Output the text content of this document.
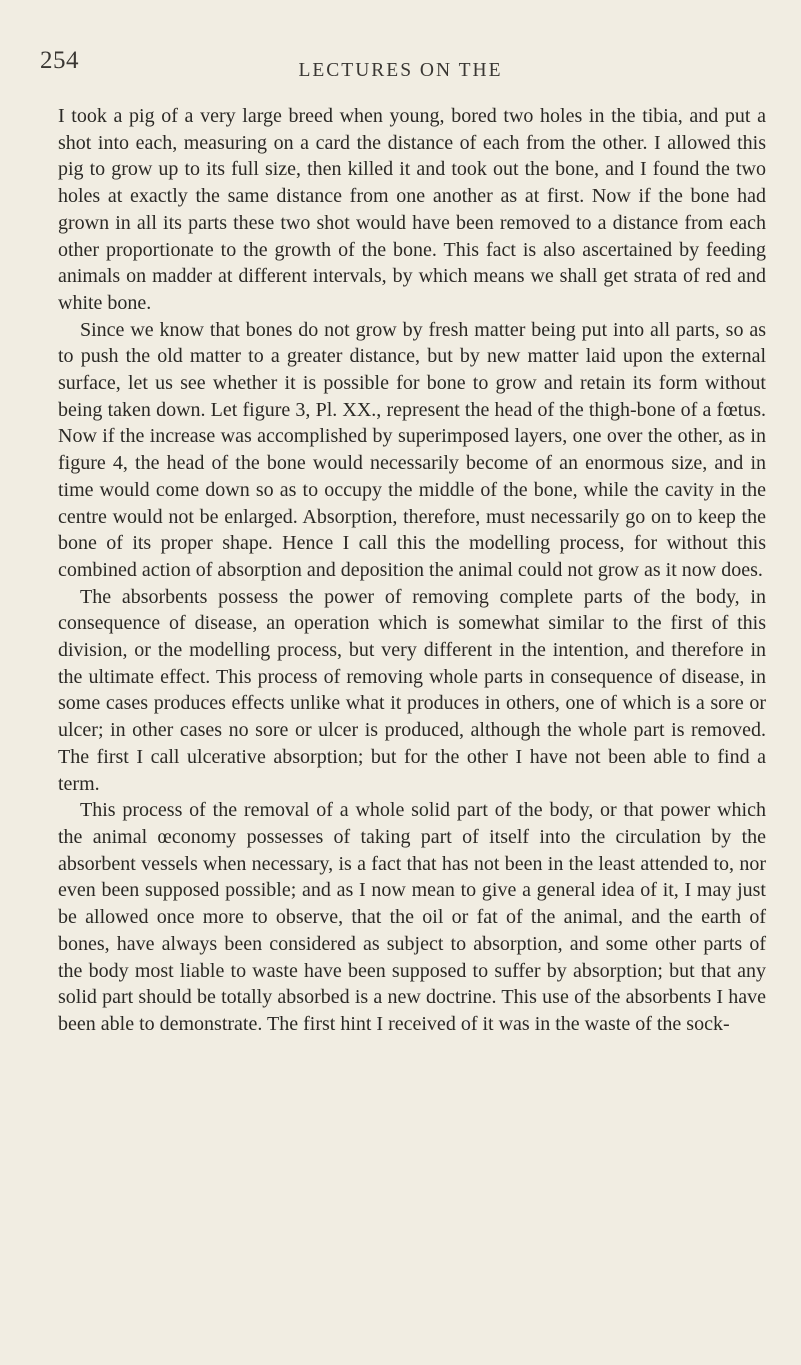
254	LECTURES ON THE

I took a pig of a very large breed when young, bored two holes in the tibia, and put a shot into each, measuring on a card the distance of each from the other. I allowed this pig to grow up to its full size, then killed it and took out the bone, and I found the two holes at exactly the same distance from one another as at first. Now if the bone had grown in all its parts these two shot would have been removed to a distance from each other proportionate to the growth of the bone. This fact is also ascertained by feeding animals on madder at different intervals, by which means we shall get strata of red and white bone.

Since we know that bones do not grow by fresh matter being put into all parts, so as to push the old matter to a greater distance, but by new matter laid upon the external surface, let us see whether it is possible for bone to grow and retain its form without being taken down. Let figure 3, Pl. XX., represent the head of the thigh-bone of a fœtus. Now if the increase was accomplished by superimposed layers, one over the other, as in figure 4, the head of the bone would necessarily become of an enormous size, and in time would come down so as to occupy the middle of the bone, while the cavity in the centre would not be enlarged. Absorption, therefore, must necessarily go on to keep the bone of its proper shape. Hence I call this the modelling process, for without this combined action of absorption and deposition the animal could not grow as it now does.

The absorbents possess the power of removing complete parts of the body, in consequence of disease, an operation which is somewhat similar to the first of this division, or the modelling process, but very different in the intention, and therefore in the ultimate effect. This process of removing whole parts in consequence of disease, in some cases produces effects unlike what it produces in others, one of which is a sore or ulcer; in other cases no sore or ulcer is produced, although the whole part is removed. The first I call ulcerative absorption; but for the other I have not been able to find a term.

This process of the removal of a whole solid part of the body, or that power which the animal œconomy possesses of taking part of itself into the circulation by the absorbent vessels when necessary, is a fact that has not been in the least attended to, nor even been supposed possible; and as I now mean to give a general idea of it, I may just be allowed once more to observe, that the oil or fat of the animal, and the earth of bones, have always been considered as subject to absorption, and some other parts of the body most liable to waste have been supposed to suffer by absorption; but that any solid part should be totally absorbed is a new doctrine. This use of the absorbents I have been able to demonstrate. The first hint I received of it was in the waste of the sock-
